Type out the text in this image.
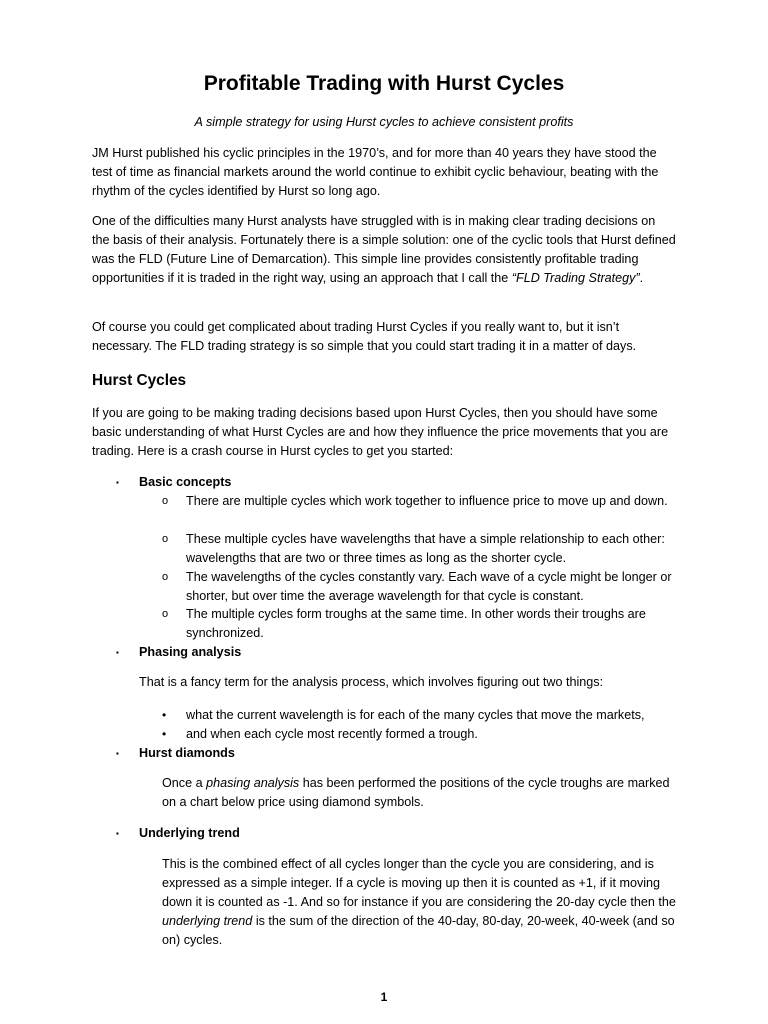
Profitable Trading with Hurst Cycles

A simple strategy for using Hurst cycles to achieve consistent profits

JM Hurst published his cyclic principles in the 1970’s, and for more than 40 years they have stood the test of time as financial markets around the world continue to exhibit cyclic behaviour, beating with the rhythm of the cycles identified by Hurst so long ago.

One of the difficulties many Hurst analysts have struggled with is in making clear trading decisions on the basis of their analysis. Fortunately there is a simple solution: one of the cyclic tools that Hurst defined was the FLD (Future Line of Demarcation). This simple line provides consistently profitable trading opportunities if it is traded in the right way, using an approach that I call the “FLD Trading Strategy”.

Of course you could get complicated about trading Hurst Cycles if you really want to, but it isn’t necessary. The FLD trading strategy is so simple that you could start trading it in a matter of days.

Hurst Cycles

If you are going to be making trading decisions based upon Hurst Cycles, then you should have some basic understanding of what Hurst Cycles are and how they influence the price movements that you are trading. Here is a crash course in Hurst cycles to get you started:

▪ Basic concepts
o There are multiple cycles which work together to influence price to move up and down.
o These multiple cycles have wavelengths that have a simple relationship to each other: wavelengths that are two or three times as long as the shorter cycle.
o The wavelengths of the cycles constantly vary. Each wave of a cycle might be longer or shorter, but over time the average wavelength for that cycle is constant.
o The multiple cycles form troughs at the same time. In other words their troughs are synchronized.
▪ Phasing analysis
That is a fancy term for the analysis process, which involves figuring out two things:
• what the current wavelength is for each of the many cycles that move the markets,
• and when each cycle most recently formed a trough.
▪ Hurst diamonds
Once a phasing analysis has been performed the positions of the cycle troughs are marked on a chart below price using diamond symbols.
▪ Underlying trend
This is the combined effect of all cycles longer than the cycle you are considering, and is expressed as a simple integer. If a cycle is moving up then it is counted as +1, if it moving down it is counted as -1. And so for instance if you are considering the 20-day cycle then the underlying trend is the sum of the direction of the 40-day, 80-day, 20-week, 40-week (and so on) cycles.
1
